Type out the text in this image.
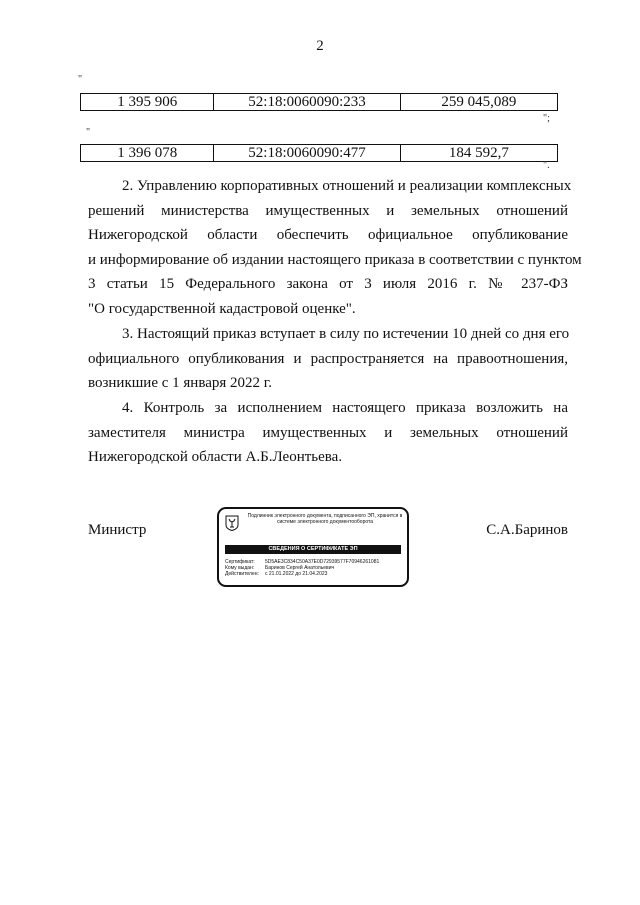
2
"
1 395 906	52:18:0060090:233	259 045,089
";
"
1 396 078	52:18:0060090:477	184 592,7
".
2. Управлению корпоративных отношений и реализации комплексных
решений министерства имущественных и земельных отношений
Нижегородской области обеспечить официальное опубликование
и информирование об издании настоящего приказа в соответствии с пунктом
3 статьи 15 Федерального закона от 3 июля 2016 г. № 237-ФЗ
"О государственной кадастровой оценке".
3. Настоящий приказ вступает в силу по истечении 10 дней со дня его
официального опубликования и распространяется на правоотношения,
возникшие с 1 января 2022 г.
4. Контроль за исполнением настоящего приказа возложить на
заместителя министра имущественных и земельных отношений
Нижегородской области А.Б.Леонтьева.
Министр	С.А.Баринов
Подлинник электронного документа, подписанного ЭП, хранится в системе электронного документооборота
СВЕДЕНИЯ О СЕРТИФИКАТЕ ЭП
Сертификат: 5D5AE3C834C50A37E0D72939577F70946261081
Кому выдан: Баринов Сергей Анатольевич
Действителен: с 21.01.2022 до 21.04.2023
